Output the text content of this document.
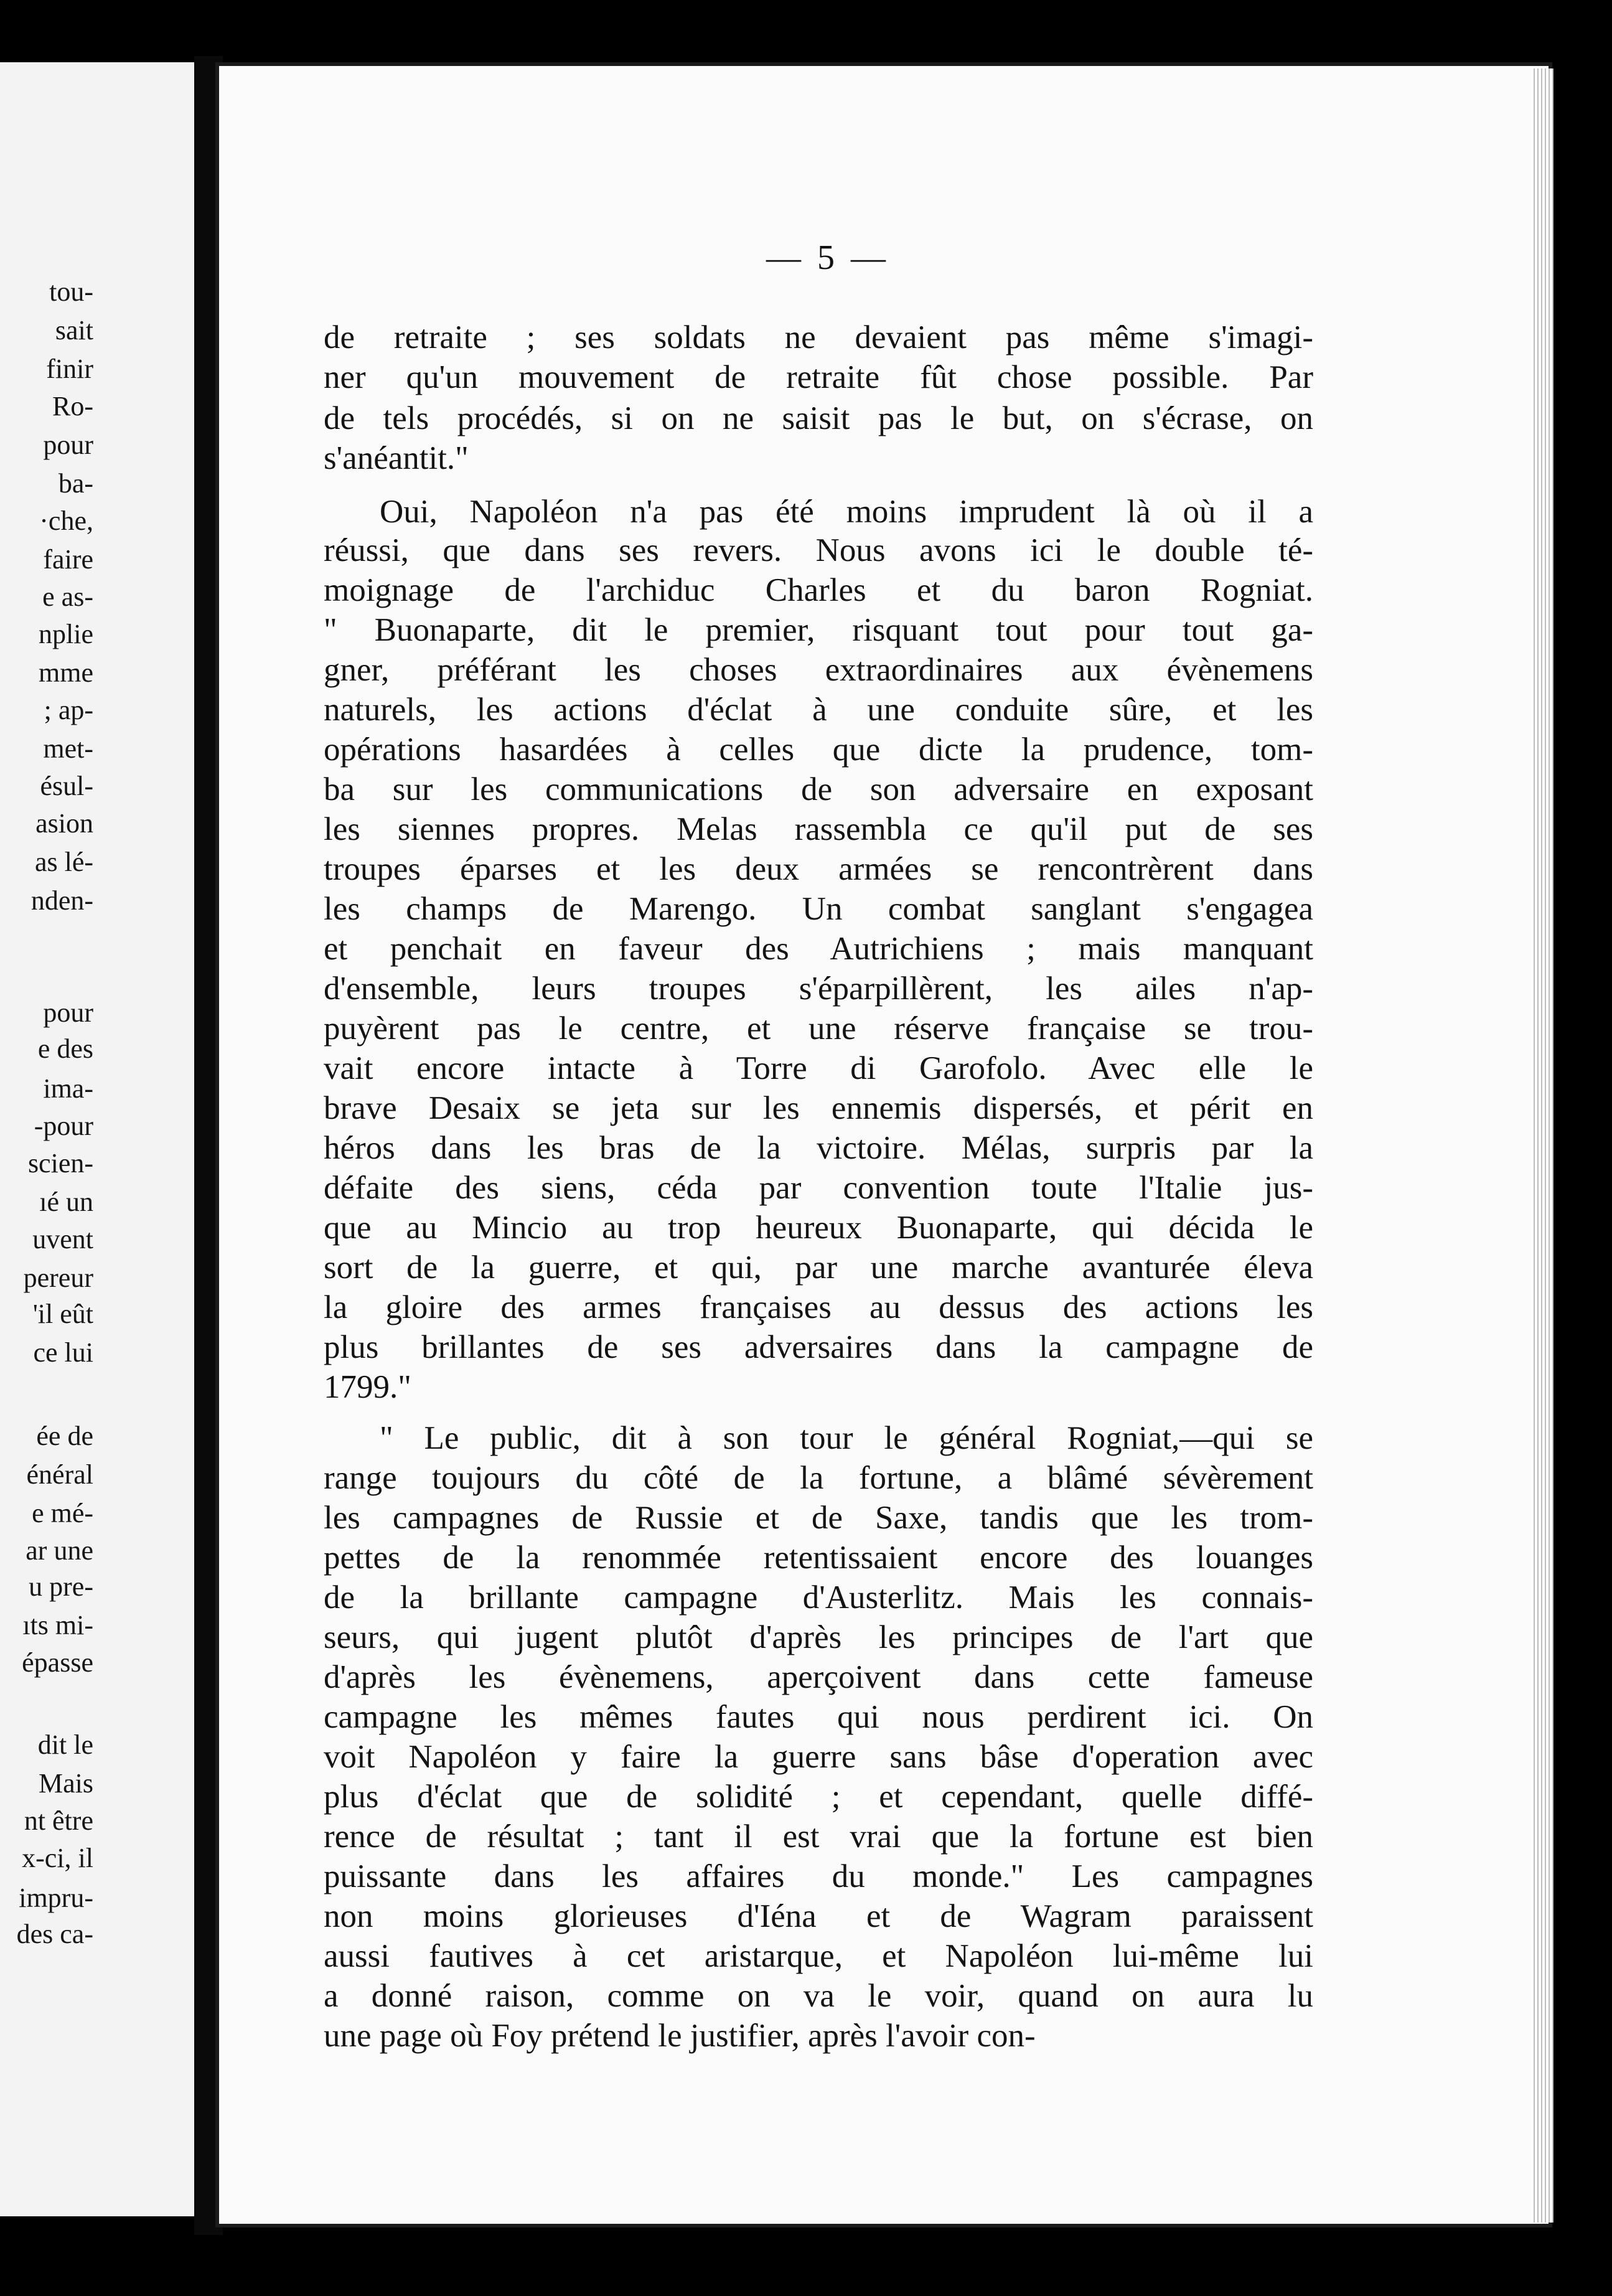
tou-
sait
finir
Ro-
pour
ba-
·che,
faire
e as-
nplie
mme
; ap-
met-
ésul-
asion
as lé-
nden-
pour
e des
ima-
-pour
scien-
ıé un
uvent
pereur
'il eût
ce lui
ée de
énéral
e mé-
ar une
u pre-
ıts mi-
épasse
dit le
Mais
nt être
x-ci, il
impru-
des ca-
— 5 —
de retraite ; ses soldats ne devaient pas même s'imagi-
ner qu'un mouvement de retraite fût chose possible. Par
de tels procédés, si on ne saisit pas le but, on s'écrase, on
s'anéantit."
Oui, Napoléon n'a pas été moins imprudent là où il a
réussi, que dans ses revers. Nous avons ici le double té-
moignage de l'archiduc Charles et du baron Rogniat.
" Buonaparte, dit le premier, risquant tout pour tout ga-
gner, préférant les choses extraordinaires aux évènemens
naturels, les actions d'éclat à une conduite sûre, et les
opérations hasardées à celles que dicte la prudence, tom-
ba sur les communications de son adversaire en exposant
les siennes propres. Melas rassembla ce qu'il put de ses
troupes éparses et les deux armées se rencontrèrent dans
les champs de Marengo. Un combat sanglant s'engagea
et penchait en faveur des Autrichiens ; mais manquant
d'ensemble, leurs troupes s'éparpillèrent, les ailes n'ap-
puyèrent pas le centre, et une réserve française se trou-
vait encore intacte à Torre di Garofolo. Avec elle le
brave Desaix se jeta sur les ennemis dispersés, et périt en
héros dans les bras de la victoire. Mélas, surpris par la
défaite des siens, céda par convention toute l'Italie jus-
que au Mincio au trop heureux Buonaparte, qui décida le
sort de la guerre, et qui, par une marche avanturée éleva
la gloire des armes françaises au dessus des actions les
plus brillantes de ses adversaires dans la campagne de
1799."
" Le public, dit à son tour le général Rogniat,—qui se
range toujours du côté de la fortune, a blâmé sévèrement
les campagnes de Russie et de Saxe, tandis que les trom-
pettes de la renommée retentissaient encore des louanges
de la brillante campagne d'Austerlitz. Mais les connais-
seurs, qui jugent plutôt d'après les principes de l'art que
d'après les évènemens, aperçoivent dans cette fameuse
campagne les mêmes fautes qui nous perdirent ici. On
voit Napoléon y faire la guerre sans bâse d'operation avec
plus d'éclat que de solidité ; et cependant, quelle diffé-
rence de résultat ; tant il est vrai que la fortune est bien
puissante dans les affaires du monde." Les campagnes
non moins glorieuses d'Iéna et de Wagram paraissent
aussi fautives à cet aristarque, et Napoléon lui-même lui
a donné raison, comme on va le voir, quand on aura lu
une page où Foy prétend le justifier, après l'avoir con-
